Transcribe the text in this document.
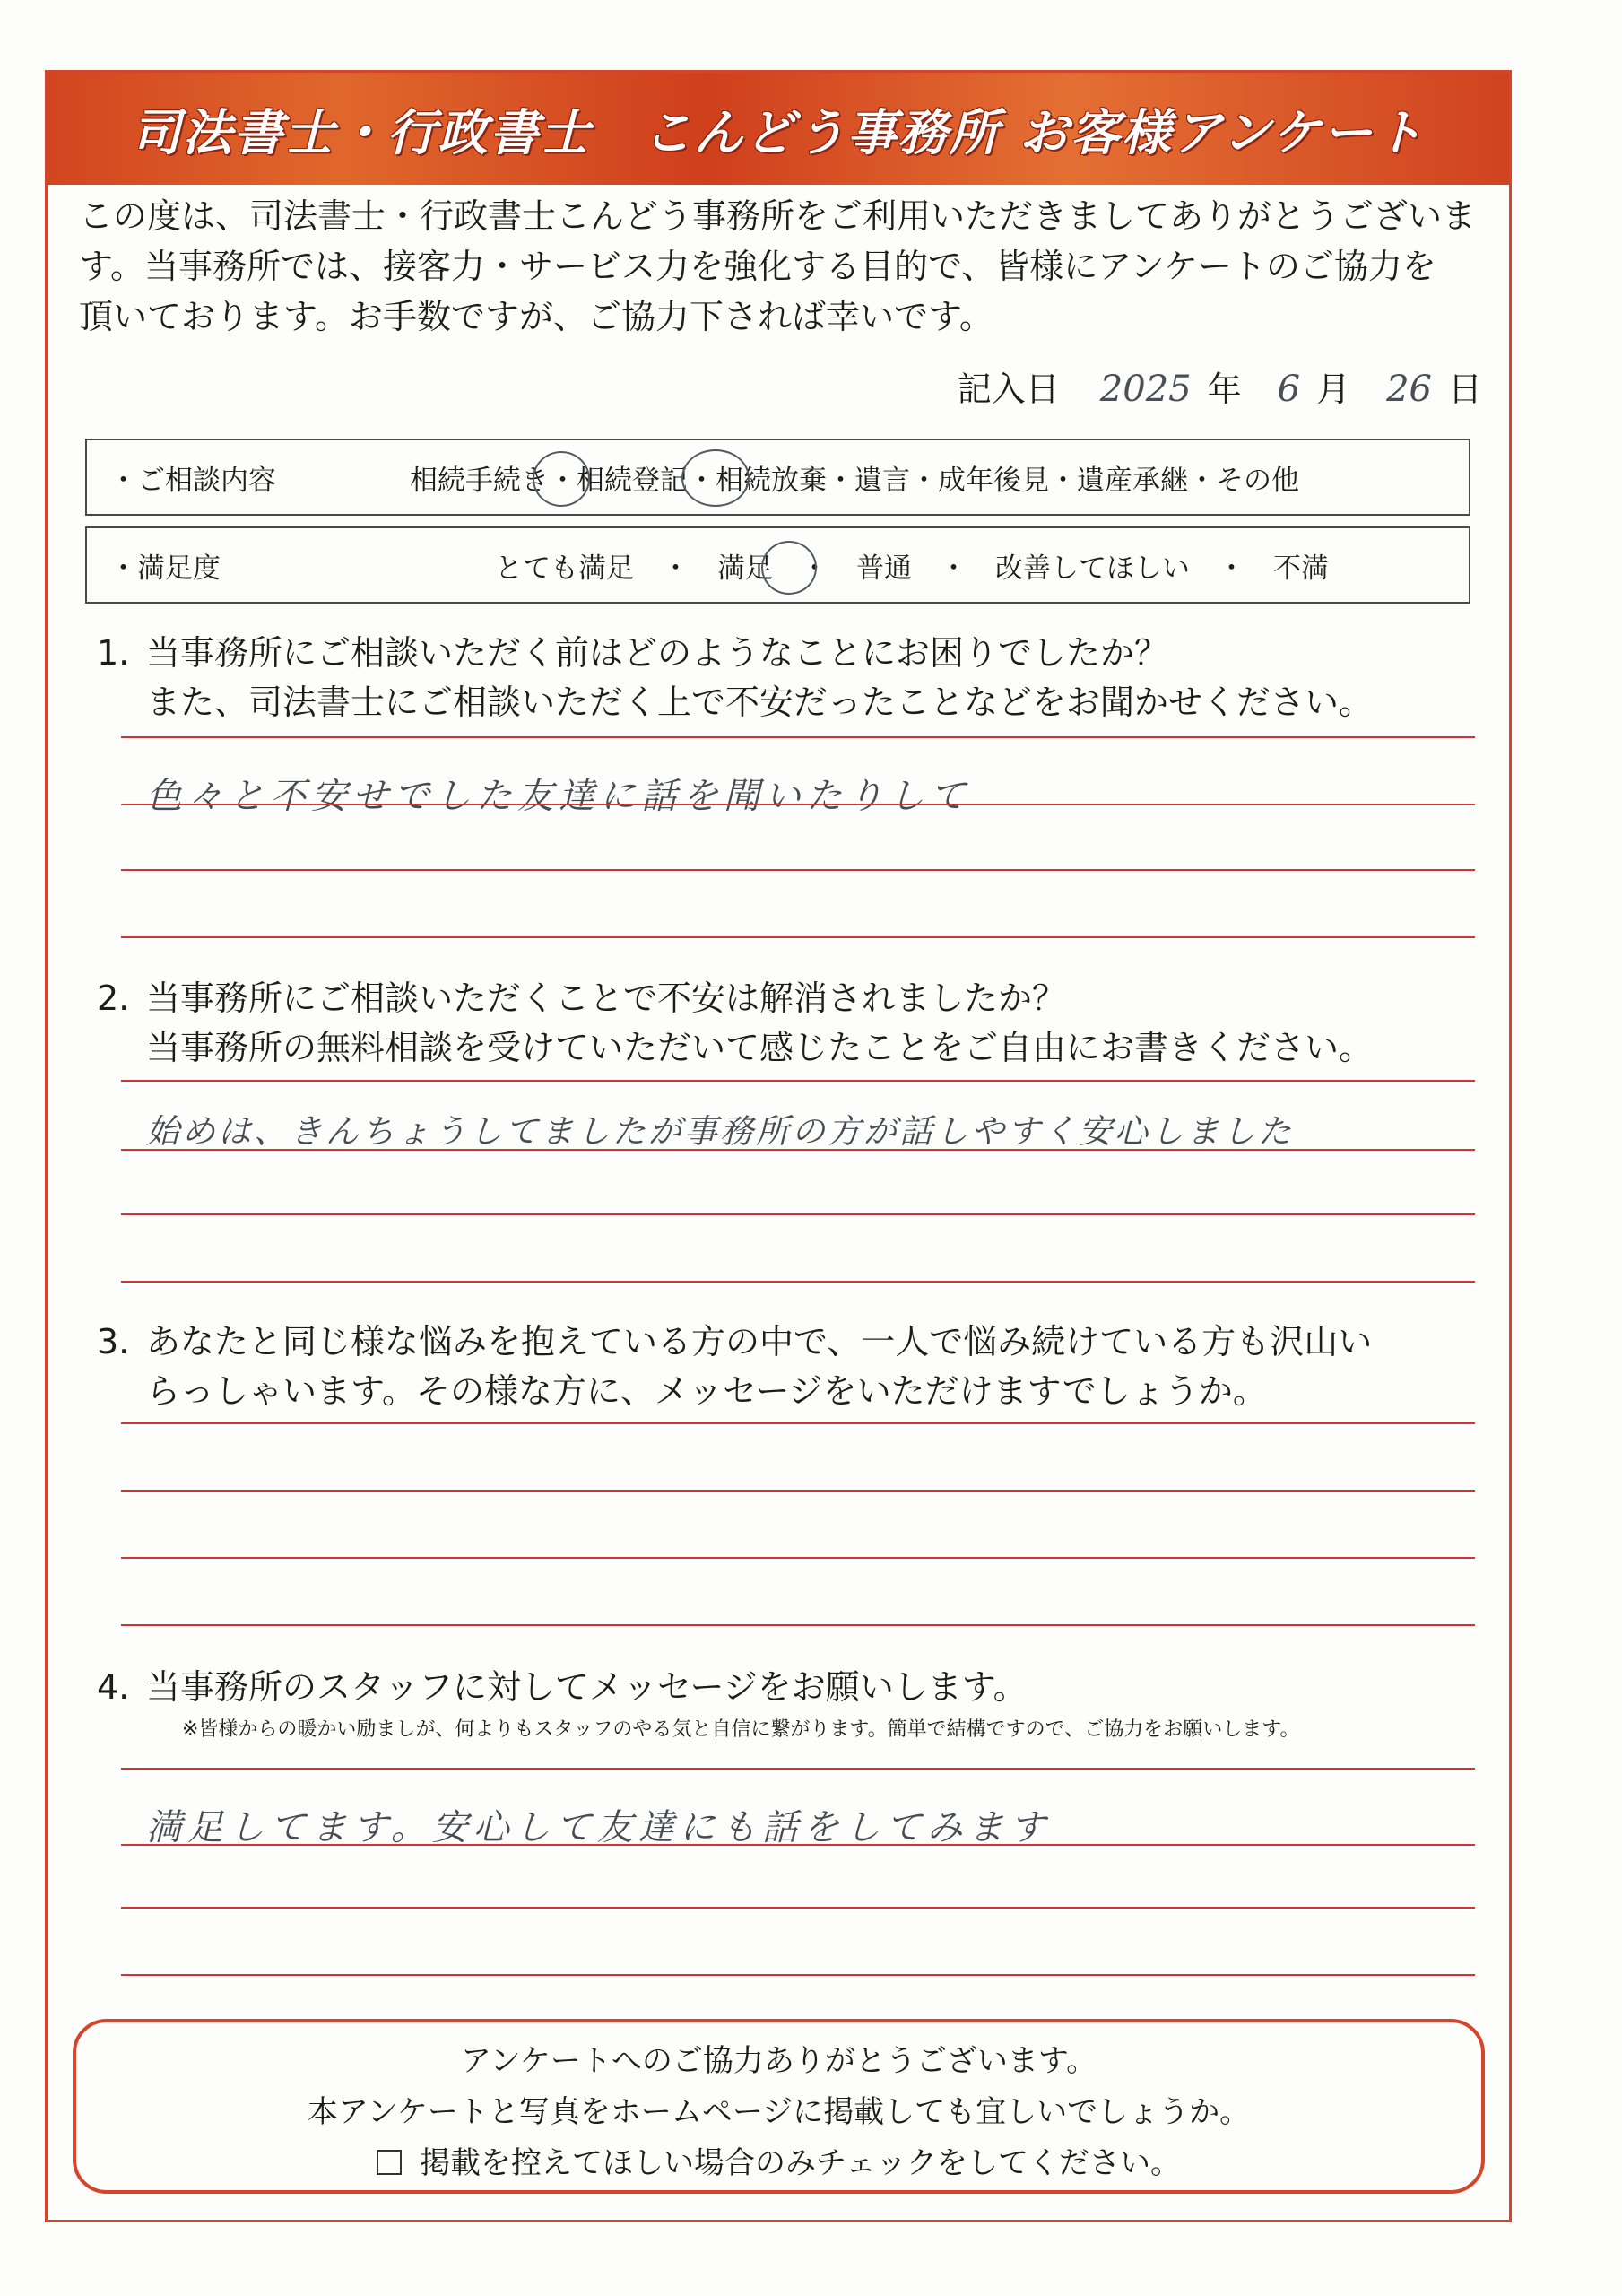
司法書士・行政書士　こんどう事務所 お客様アンケート
この度は、司法書士・行政書士こんどう事務所をご利用いただきましてありがとうございま
す。当事務所では、接客力・サービス力を強化する目的で、皆様にアンケートのご協力を
頂いております。お手数ですが、ご協力下されば幸いです。
記入日 2025 年 6 月 26 日
・ご相談内容	相続手続き・相続登記・相続放棄・遺言・成年後見・遺産承継・その他
・満足度	とても満足　・　満足　・　普通　・　改善してほしい　・　不満
1. 当事務所にご相談いただく前はどのようなことにお困りでしたか？
また、司法書士にご相談いただく上で不安だったことなどをお聞かせください。
色々と不安せでした友達に話を聞いたりして
2. 当事務所にご相談いただくことで不安は解消されましたか？
当事務所の無料相談を受けていただいて感じたことをご自由にお書きください。
始めは、きんちょうしてましたが事務所の方が話しやすく安心しました
3. あなたと同じ様な悩みを抱えている方の中で、一人で悩み続けている方も沢山い
らっしゃいます。その様な方に、メッセージをいただけますでしょうか。
4. 当事務所のスタッフに対してメッセージをお願いします。
※皆様からの暖かい励ましが、何よりもスタッフのやる気と自信に繋がります。簡単で結構ですので、ご協力をお願いします。
満足してます。安心して友達にも話をしてみます
アンケートへのご協力ありがとうございます。
本アンケートと写真をホームページに掲載しても宜しいでしょうか。
掲載を控えてほしい場合のみチェックをしてください。
